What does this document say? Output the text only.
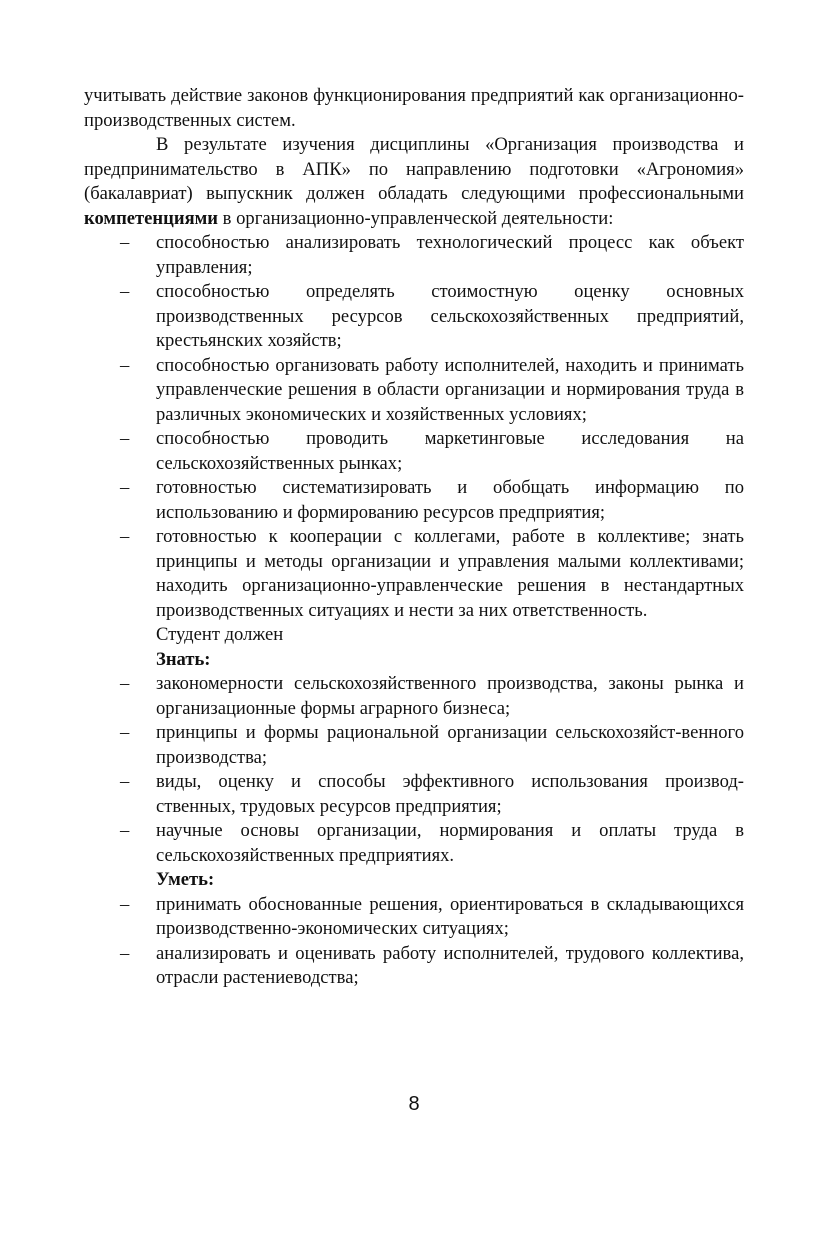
учитывать действие законов функционирования предприятий как организационно-производственных систем.

В результате изучения дисциплины «Организация производства и предпринимательство в АПК» по направлению подготовки «Агрономия» (бакалавриат) выпускник должен обладать следующими профессиональными компетенциями в организационно-управленческой деятельности:

–	способностью анализировать технологический процесс как объект управления;
–	способностью определять стоимостную оценку основных производственных ресурсов сельскохозяйственных предприятий, крестьянских хозяйств;
–	способностью организовать работу исполнителей, находить и принимать управленческие решения в области организации и нормирования труда в различных экономических и хозяйственных условиях;
–	способностью проводить маркетинговые исследования на сельскохозяйственных рынках;
–	готовностью систематизировать и обобщать информацию по использованию и формированию ресурсов предприятия;
–	готовностью к кооперации с коллегами, работе в коллективе; знать принципы и методы организации и управления малыми коллективами; находить организационно-управленческие решения в нестандартных производственных ситуациях и нести за них ответственность.

Студент должен

Знать:

–	закономерности сельскохозяйственного производства, законы рынка и организационные формы аграрного бизнеса;
–	принципы и формы рациональной организации сельскохозяйст-венного производства;
–	виды, оценку и способы эффективного использования производ-ственных, трудовых ресурсов предприятия;
–	научные основы организации, нормирования и оплаты труда в сельскохозяйственных предприятиях.

Уметь:

–	принимать обоснованные решения, ориентироваться в складывающихся производственно-экономических ситуациях;
–	анализировать и оценивать работу исполнителей, трудового коллектива, отрасли растениеводства;
8
